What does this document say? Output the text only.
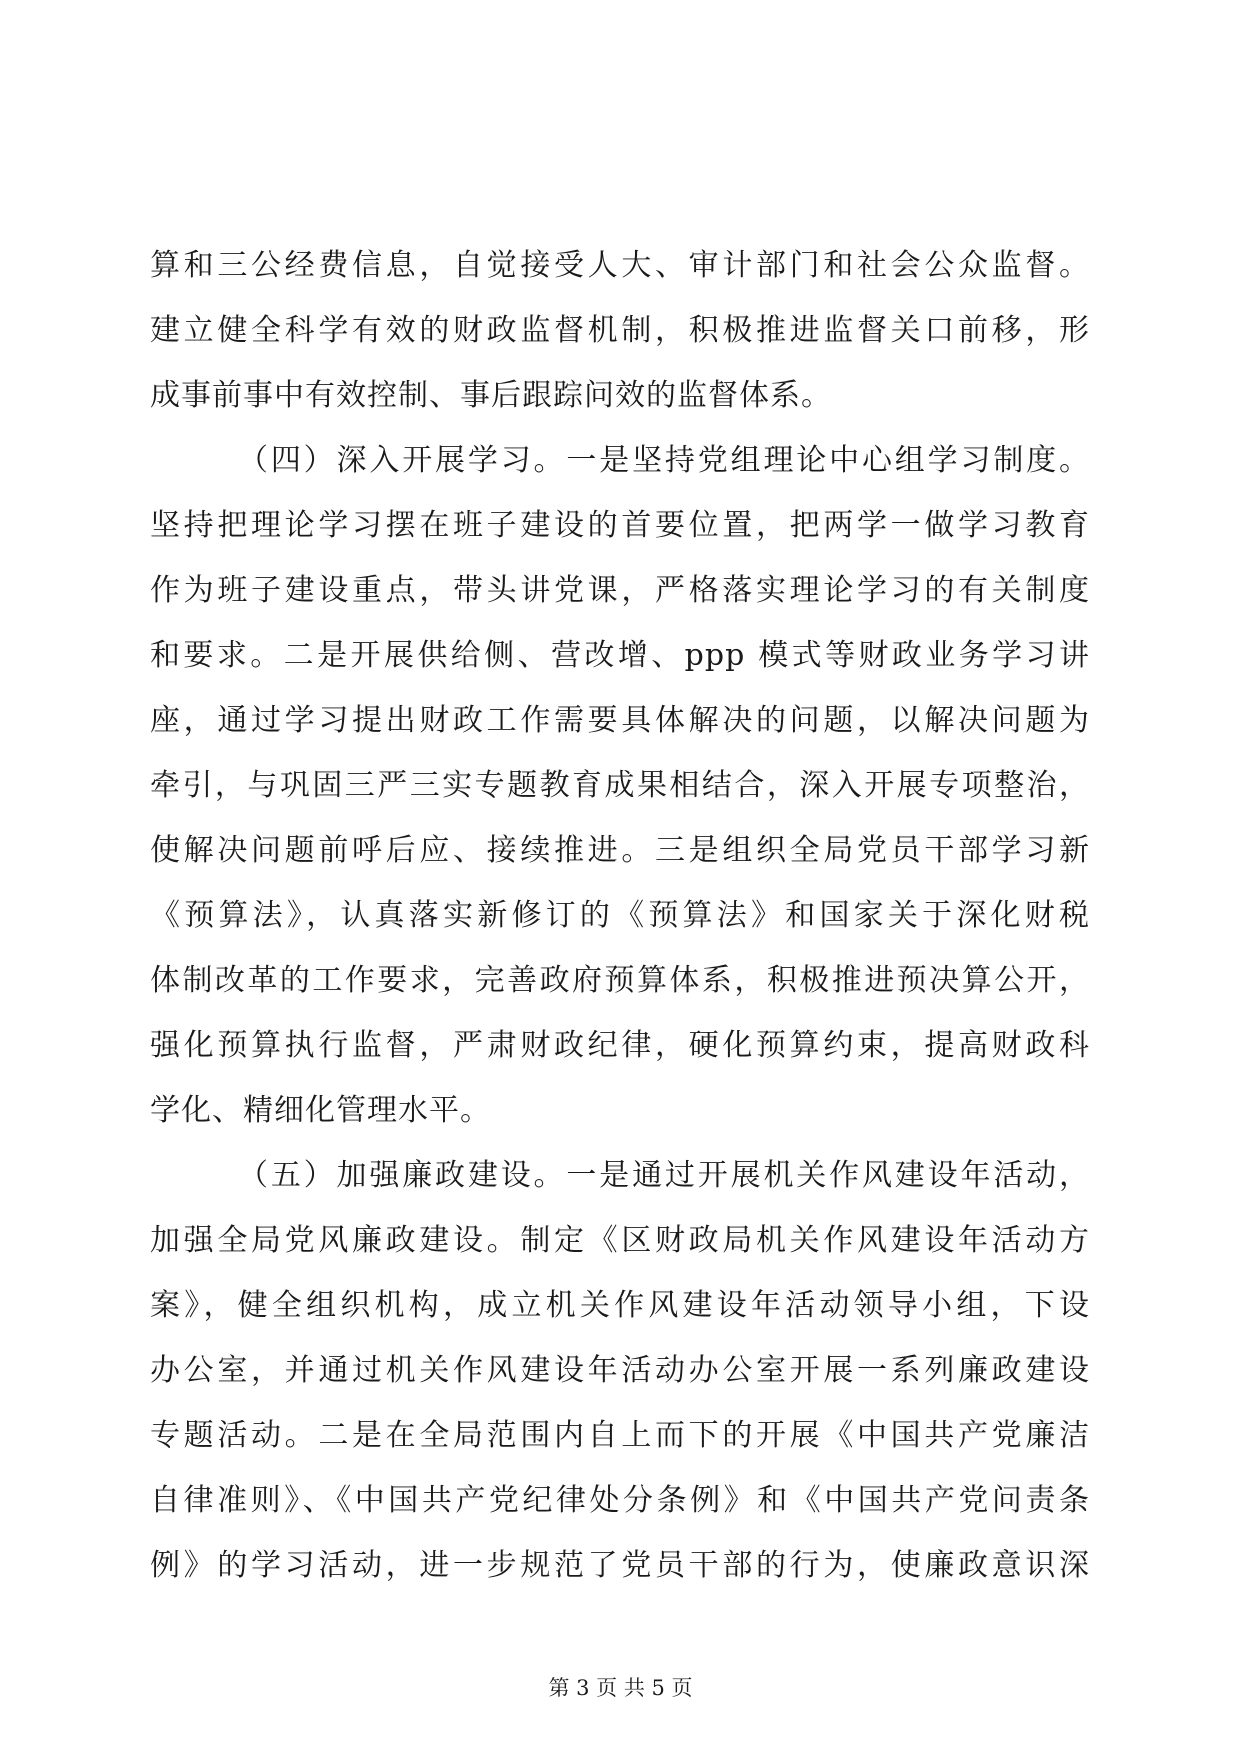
算和三公经费信息，自觉接受人大、审计部门和社会公众监督。
建立健全科学有效的财政监督机制，积极推进监督关口前移，形
成事前事中有效控制、事后跟踪问效的监督体系。
（四）深入开展学习。一是坚持党组理论中心组学习制度。
坚持把理论学习摆在班子建设的首要位置，把两学一做学习教育
作为班子建设重点，带头讲党课，严格落实理论学习的有关制度
和要求。二是开展供给侧、营改增、ppp 模式等财政业务学习讲
座，通过学习提出财政工作需要具体解决的问题，以解决问题为
牵引，与巩固三严三实专题教育成果相结合，深入开展专项整治，
使解决问题前呼后应、接续推进。三是组织全局党员干部学习新
《预算法》，认真落实新修订的《预算法》和国家关于深化财税
体制改革的工作要求，完善政府预算体系，积极推进预决算公开，
强化预算执行监督，严肃财政纪律，硬化预算约束，提高财政科
学化、精细化管理水平。
（五）加强廉政建设。一是通过开展机关作风建设年活动，
加强全局党风廉政建设。制定《区财政局机关作风建设年活动方
案》，健全组织机构，成立机关作风建设年活动领导小组，下设
办公室，并通过机关作风建设年活动办公室开展一系列廉政建设
专题活动。二是在全局范围内自上而下的开展《中国共产党廉洁
自律准则》、《中国共产党纪律处分条例》和《中国共产党问责条
例》的学习活动，进一步规范了党员干部的行为，使廉政意识深
第 3 页 共 5 页
